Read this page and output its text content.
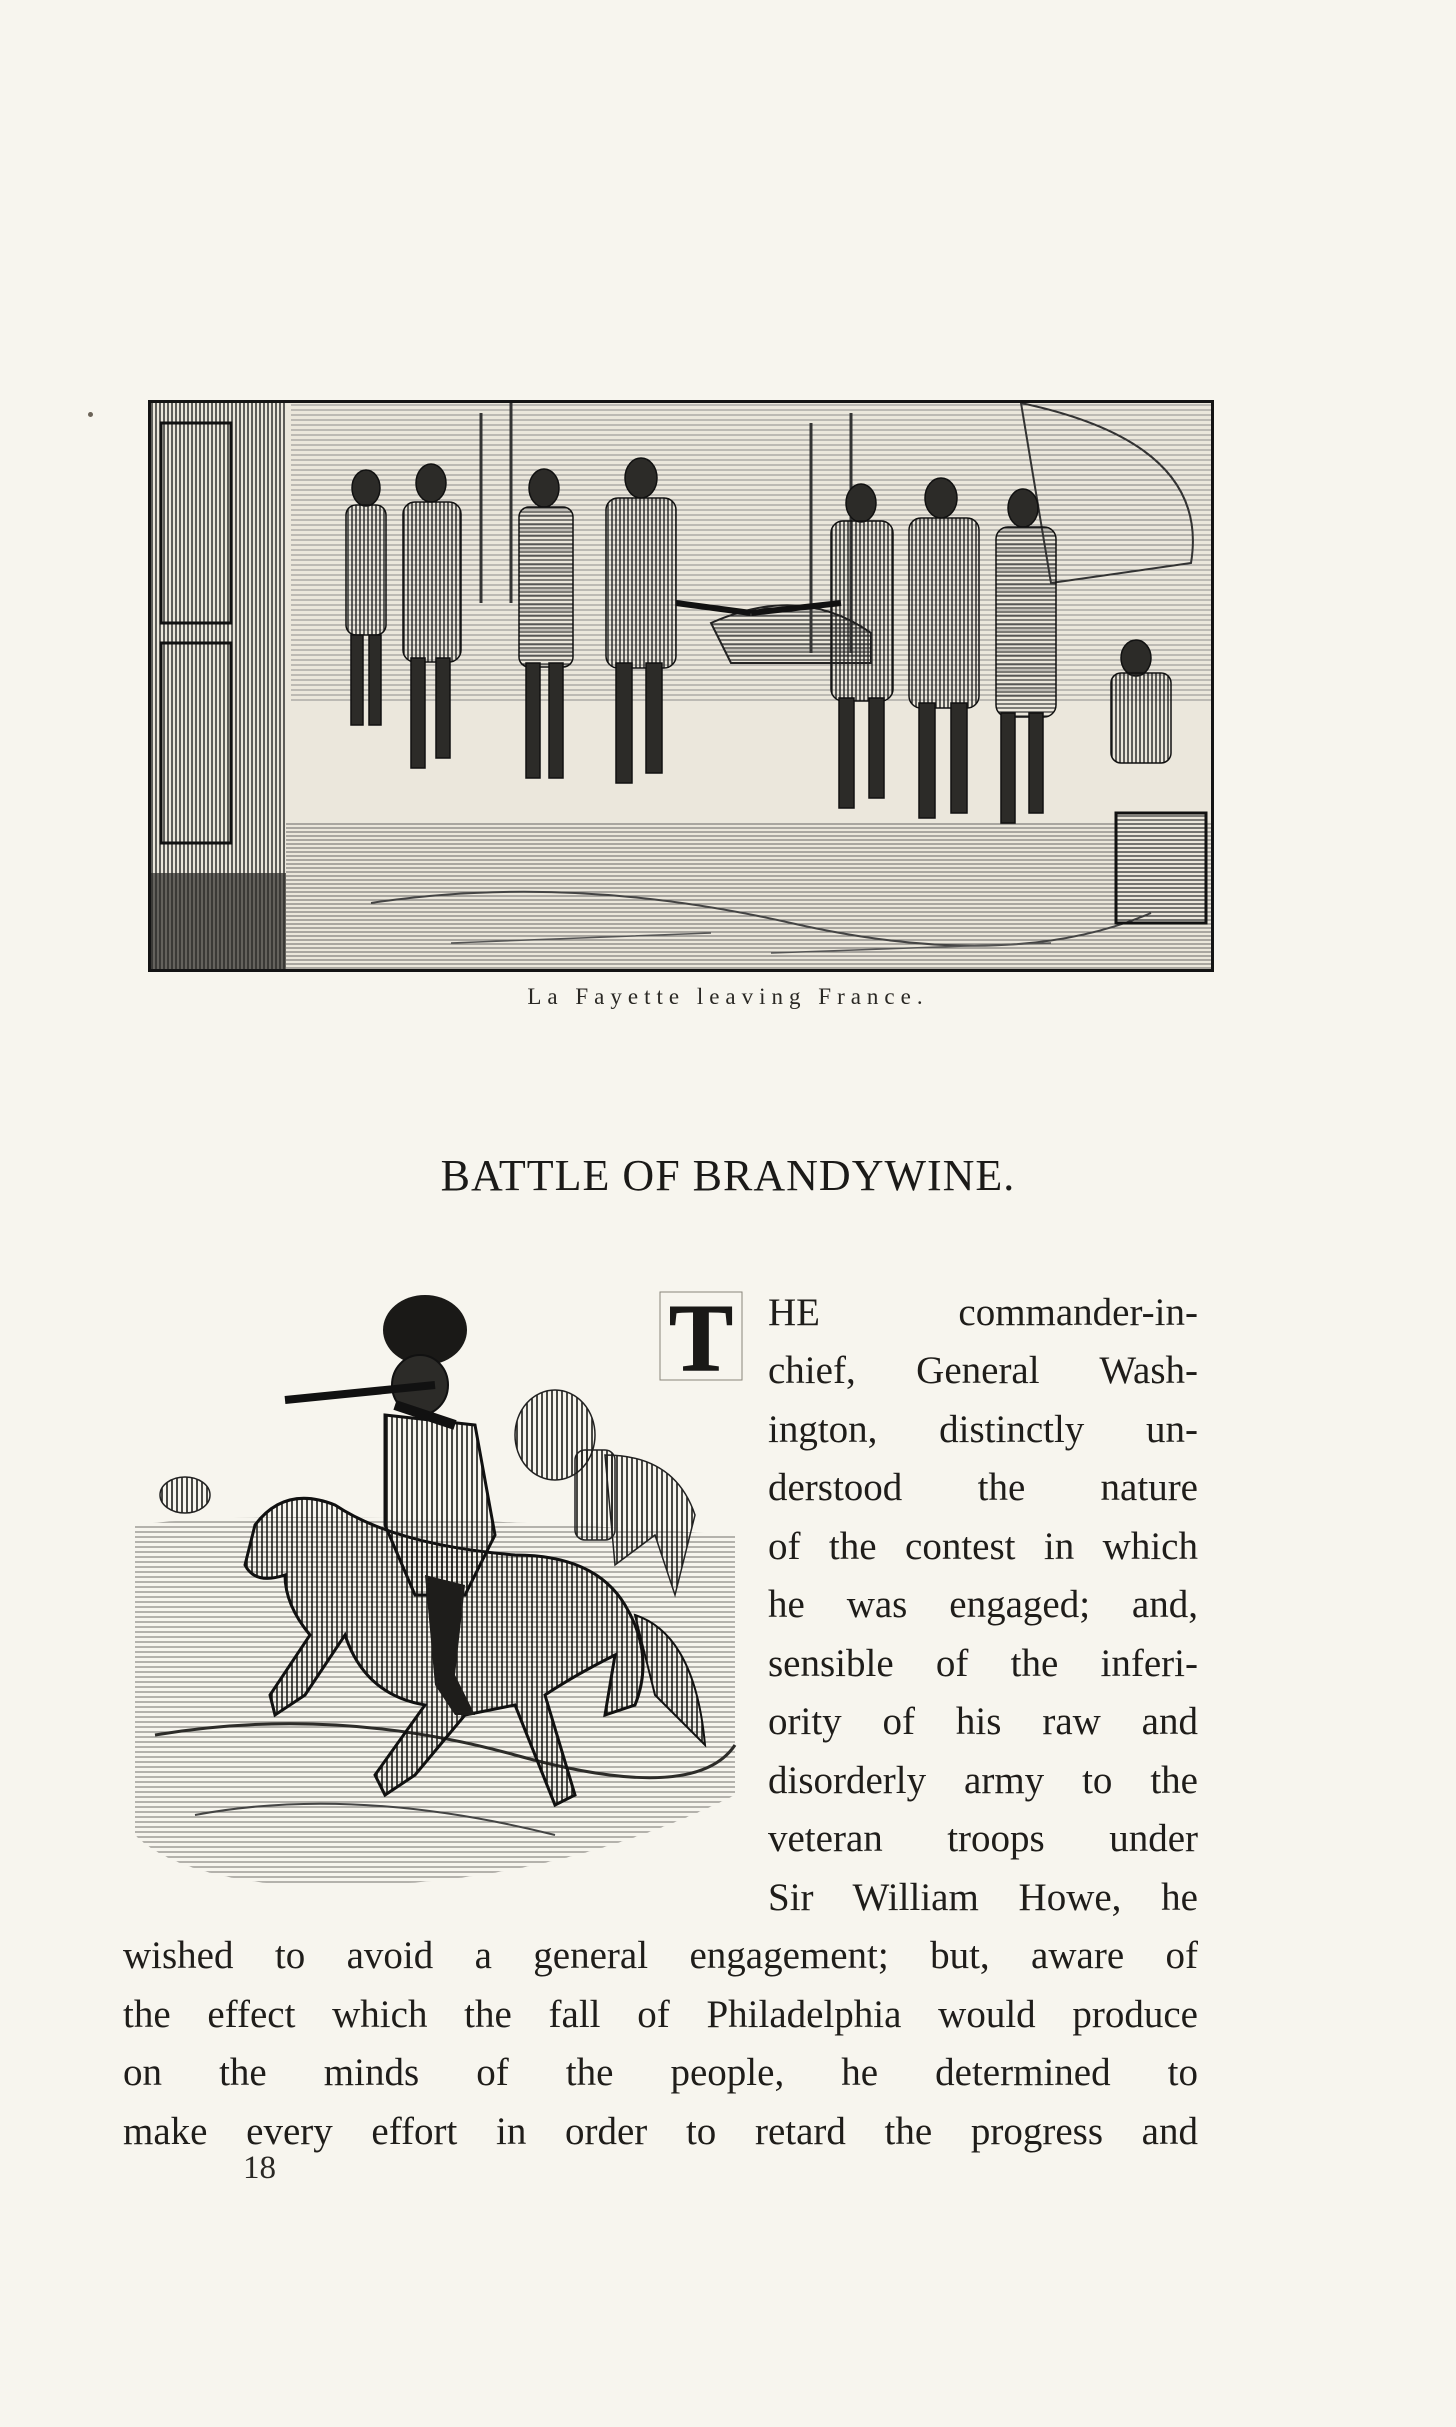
La Fayette leaving France.
BATTLE OF BRANDYWINE.
T HE commander-in-
chief, General Wash-
ington, distinctly un-
derstood the nature
of the contest in which
he was engaged; and,
sensible of the inferi-
ority of his raw and
disorderly army to the
veteran troops under
Sir William Howe, he
wished to avoid a general engagement; but, aware of
the effect which the fall of Philadelphia would produce
on the minds of the people, he determined to
make every effort in order to retard the progress and
18
